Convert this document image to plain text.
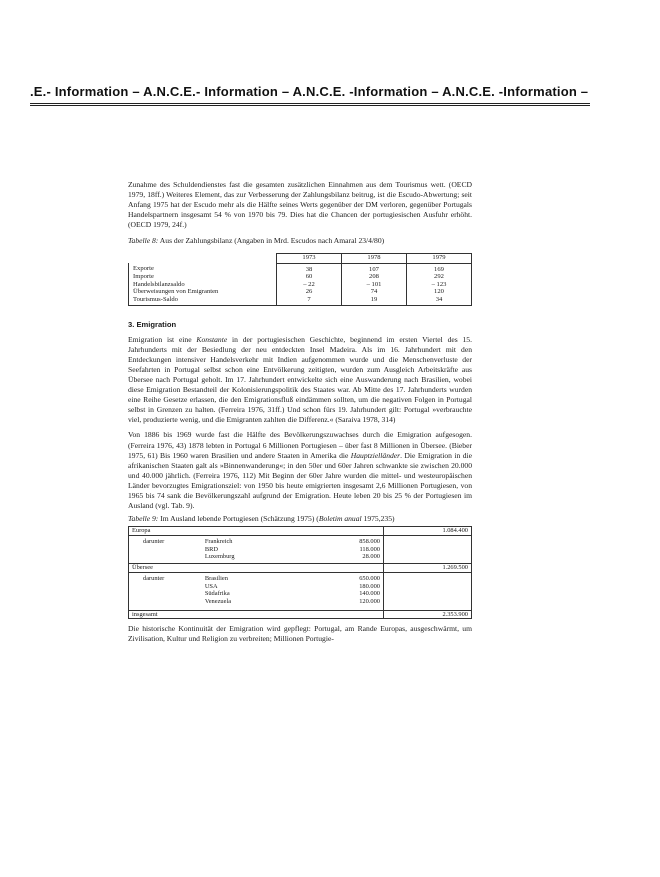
.E.- Information – A.N.C.E.- Information – A.N.C.E. -Information – A.N.C.E. -Information –

Zunahme des Schuldendienstes fast die gesamten zusätzlichen Einnahmen aus dem Tourismus wett. (OECD 1979, 18ff.) Weiteres Element, das zur Verbesserung der Zahlungsbilanz beitrug, ist die Escudo-Abwertung; seit Anfang 1975 hat der Escudo mehr als die Hälfte seines Werts gegenüber der DM verloren, gegenüber Portugals Handelspartnern insgesamt 54 % von 1970 bis 79. Dies hat die Chancen der portugiesischen Ausfuhr erhöht. (OECD 1979, 24f.)

Tabelle 8: Aus der Zahlungsbilanz (Angaben in Mrd. Escudos nach Amaral 23/4/80)
	1973	1978	1979
Exporte	38	107	169
Importe	60	208	292
Handelsbilanzsaldo	– 22	– 101	– 123
Überweisungen von Emigranten	26	74	120
Tourismus-Saldo	7	19	34
3. Emigration

Emigration ist eine Konstante in der portugiesischen Geschichte, beginnend im ersten Viertel des 15. Jahrhunderts mit der Besiedlung der neu entdeckten Insel Madeira. Als im 16. Jahrhundert mit den Entdeckungen intensiver Handelsverkehr mit Indien aufgenommen wurde und die Menschenverluste der Seefahrten in Portugal selbst schon eine Entvölkerung zeitigten, wurden zum Ausgleich Arbeitskräfte aus Übersee nach Portugal geholt. Im 17. Jahrhundert entwickelte sich eine Auswanderung nach Brasilien, wobei diese Emigration Bestandteil der Kolonisierungspolitik des Staates war. Ab Mitte des 17. Jahrhunderts wurden eine Reihe Gesetze erlassen, die den Emigrationsfluß eindämmen sollten, um die negativen Folgen in Portugal selbst in Grenzen zu halten. (Ferreira 1976, 31ff.) Und schon fürs 19. Jahrhundert gilt: Portugal »verbrauchte viel, produzierte wenig, und die Emigranten zahlten die Differenz.« (Saraiva 1978, 314)

Von 1886 bis 1969 wurde fast die Hälfte des Bevölkerungszuwachses durch die Emigration aufgesogen. (Ferreira 1976, 43) 1878 lebten in Portugal 6 Millionen Portugiesen – über fast 8 Millionen in Übersee. (Bieber 1975, 61) Bis 1960 waren Brasilien und andere Staaten in Amerika die Hauptzielländer. Die Emigration in die afrikanischen Staaten galt als »Binnenwanderung«; in den 50er und 60er Jahren schwankte sie zwischen 20.000 und 40.000 jährlich. (Ferreira 1976, 112) Mit Beginn der 60er Jahre wurden die mittel- und westeuropäischen Länder bevorzugtes Emigrationsziel: von 1950 bis heute emigrierten insgesamt 2,6 Millionen Portugiesen, von 1965 bis 74 sank die Bevölkerungszahl aufgrund der Emigration. Heute leben 20 bis 25 % der Portugiesen im Ausland (vgl. Tab. 9).

Tabelle 9: Im Ausland lebende Portugiesen (Schätzung 1975) (Boletim anual 1975,235)
Europa			1.084.400
darunter	Frankreich	858.000	
	BRD	118.000	
	Luxemburg	28.000	
Übersee			1.269.500
darunter	Brasilien	650.000	
	USA	180.000	
	Südafrika	140.000	
	Venezuela	120.000	
insgesamt			2.353.900

Die historische Kontinuität der Emigration wird gepflegt: Portugal, am Rande Europas, ausgeschwärmt, um Zivilisation, Kultur und Religion zu verbreiten; Millionen Portugie-
